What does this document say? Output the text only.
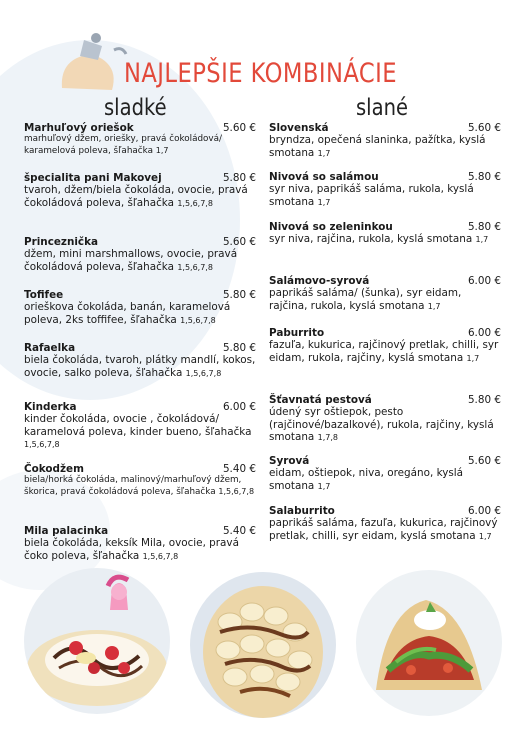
NAJLEPŠIE KOMBINÁCIE
sladké	slané
Marhuľový oriešok	5.60 €
marhuľový džem, oriešky, pravá čokoládová/ karamelová poleva, šľahačka 1,7
špecialita pani Makovej	5.80 €
tvaroh, džem/biela čokoláda, ovocie, pravá čokoládová poleva, šľahačka 1,5,6,7,8
Princeznička	5.60 €
džem, mini marshmallows, ovocie, pravá čokoládová poleva, šľahačka 1,5,6,7,8
Tofifee	5.80 €
orieškova čokoláda, banán, karamelová poleva, 2ks toffifee, šľahačka 1,5,6,7,8
Rafaelka	5.80 €
biela čokoláda, tvaroh, plátky mandlí, kokos, ovocie, salko poleva, šľahačka 1,5,6,7,8
Kinderka	6.00 €
kinder čokoláda, ovocie , čokoládová/ karamelová poleva, kinder bueno, šľahačka 1,5,6,7,8
Čokodžem	5.40 €
biela/horká čokoláda, malinový/marhuľový džem, škorica, pravá čokoládová poleva, šľahačka 1,5,6,7,8
Mila palacinka	5.40 €
biela čokoláda, keksík Mila, ovocie, pravá čoko poleva, šľahačka 1,5,6,7,8
Slovenská	5.60 €
bryndza, opečená slaninka, pažítka, kyslá smotana 1,7
Nivová so salámou	5.80 €
syr niva, paprikáš saláma, rukola, kyslá smotana 1,7
Nivová so zeleninkou	5.80 €
syr niva, rajčina, rukola, kyslá smotana 1,7
Salámovo-syrová	6.00 €
paprikáš saláma/ (šunka), syr eidam, rajčina, rukola, kyslá smotana 1,7
Paburrito	6.00 €
fazuľa, kukurica, rajčinový pretlak, chilli, syr eidam, rukola, rajčiny, kyslá smotana 1,7
Šťavnatá pestová	5.80 €
údený syr oštiepok, pesto (rajčinové/bazalkové), rukola, rajčiny, kyslá smotana 1,7,8
Syrová	5.60 €
eidam, oštiepok, niva, oregáno, kyslá smotana 1,7
Salaburrito	6.00 €
paprikáš saláma, fazuľa, kukurica, rajčinový pretlak, chilli, syr eidam, kyslá smotana 1,7
